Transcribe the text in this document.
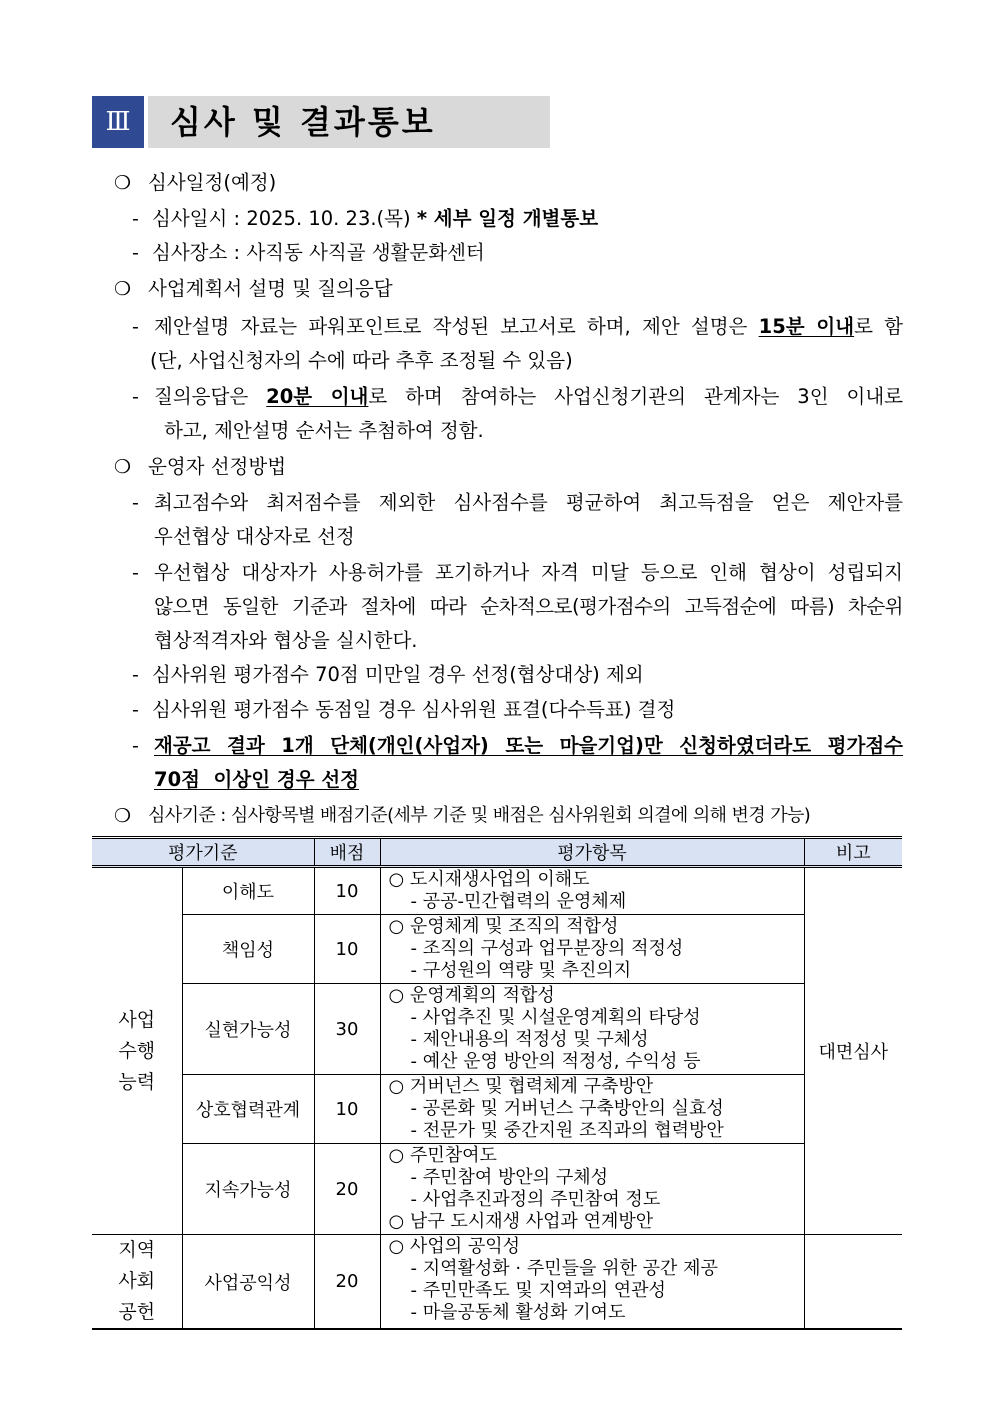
Ⅲ	심사 및 결과통보
❍ 심사일정(예정)
- 심사일시 : 2025. 10. 23.(목) * 세부 일정 개별통보
- 심사장소 : 사직동 사직골 생활문화센터
❍ 사업계획서 설명 및 질의응답
- 제안설명 자료는 파워포인트로 작성된 보고서로 하며, 제안 설명은 15분 이내로 함
(단, 사업신청자의 수에 따라 추후 조정될 수 있음)
- 질의응답은 20분 이내로 하며 참여하는 사업신청기관의 관계자는 3인 이내로
하고, 제안설명 순서는 추첨하여 정함.
❍ 운영자 선정방법
- 최고점수와 최저점수를 제외한 심사점수를 평균하여 최고득점을 얻은 제안자를
우선협상 대상자로 선정
- 우선협상 대상자가 사용허가를 포기하거나 자격 미달 등으로 인해 협상이 성립되지
않으면 동일한 기준과 절차에 따라 순차적으로(평가점수의 고득점순에 따름) 차순위
협상적격자와 협상을 실시한다.
- 심사위원 평가점수 70점 미만일 경우 선정(협상대상) 제외
- 심사위원 평가점수 동점일 경우 심사위원 표결(다수득표) 결정
- 재공고 결과 1개 단체(개인(사업자) 또는 마을기업)만 신청하였더라도 평가점수
70점  이상인 경우 선정
❍ 심사기준 : 심사항목별 배점기준(세부 기준 및 배점은 심사위원회 의결에 의해 변경 가능)
평가기준		배점	평가항목	비고

사업
수행
능력	이해도	10	○ 도시재생사업의 이해도
- 공공-민간협력의 운영체제	대면심사
	책임성	10	○ 운영체계 및 조직의 적합성
- 조직의 구성과 업무분장의 적정성
- 구성원의 역량 및 추진의지	

	실현가능성	30	○ 운영계획의 적합성
- 사업추진 및 시설운영계획의 타당성
- 제안내용의 적정성 및 구체성
- 예산 운영 방안의 적정성, 수익성 등	

	상호협력관계	10	○ 거버넌스 및 협력체계 구축방안
- 공론화 및 거버넌스 구축방안의 실효성
- 전문가 및 중간지원 조직과의 협력방안	

	지속가능성	20	○ 주민참여도
- 주민참여 방안의 구체성
- 사업추진과정의 주민참여 정도
○ 남구 도시재생 사업과 연계방안	

지역
사회
공헌	사업공익성	20	○ 사업의 공익성
- 지역활성화 · 주민들을 위한 공간 제공
- 주민만족도 및 지역과의 연관성
- 마을공동체 활성화 기여도	
